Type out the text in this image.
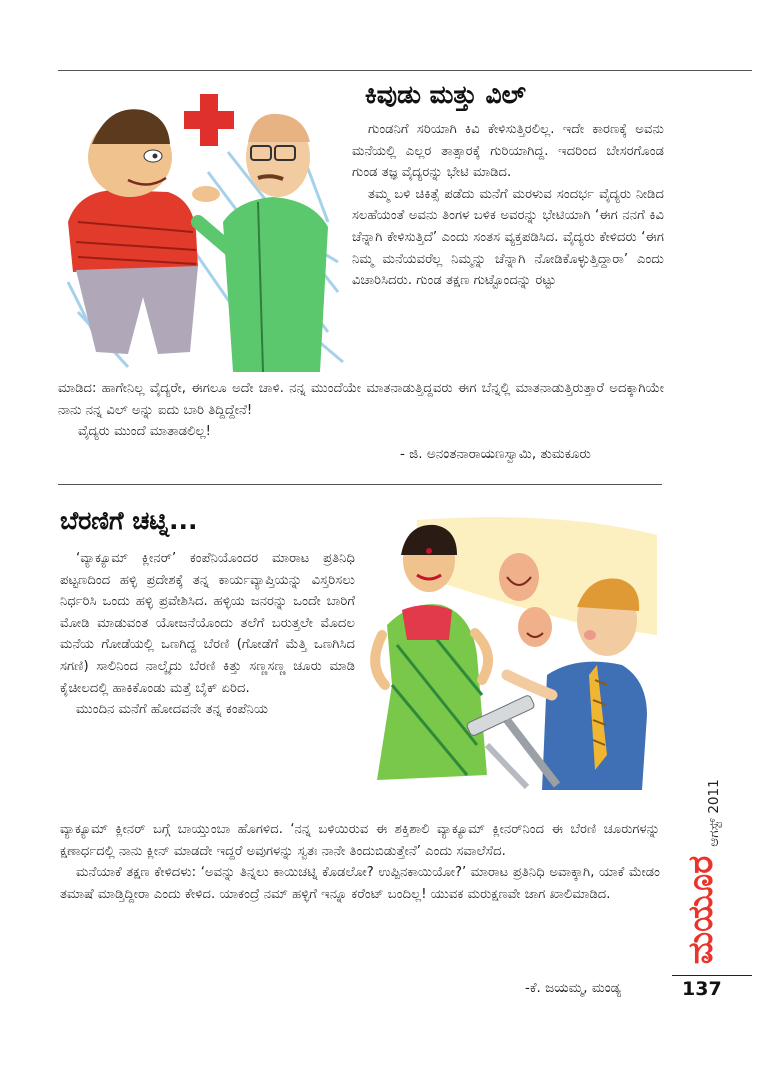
ಕಿವುಡು ಮತ್ತು ವಿಲ್

ಗುಂಡನಿಗೆ ಸರಿಯಾಗಿ ಕಿವಿ ಕೇಳಿಸುತ್ತಿರಲಿಲ್ಲ. ಇದೇ ಕಾರಣಕ್ಕೆ ಅವನು ಮನೆಯಲ್ಲಿ ಎಲ್ಲರ ತಾತ್ಸಾರಕ್ಕೆ ಗುರಿಯಾಗಿದ್ದ. ಇದರಿಂದ ಬೇಸರಗೊಂಡ ಗುಂಡ ತಜ್ಞ ವೈದ್ಯರನ್ನು ಭೇಟಿ ಮಾಡಿದ.

ತಮ್ಮ ಬಳಿ ಚಿಕಿತ್ಸೆ ಪಡೆದು ಮನೆಗೆ ಮರಳುವ ಸಂದರ್ಭ ವೈದ್ಯರು ನೀಡಿದ ಸಲಹೆಯಂತೆ ಅವನು ತಿಂಗಳ ಬಳಿಕ ಅವರನ್ನು ಭೇಟಿಯಾಗಿ ‘ಈಗ ನನಗೆ ಕಿವಿ ಚೆನ್ನಾಗಿ ಕೇಳಿಸುತ್ತಿದೆ’ ಎಂದು ಸಂತಸ ವ್ಯಕ್ತಪಡಿಸಿದ. ವೈದ್ಯರು ಕೇಳಿದರು ‘ಈಗ ನಿಮ್ಮ ಮನೆಯವರೆಲ್ಲ ನಿಮ್ಮನ್ನು ಚೆನ್ನಾಗಿ ನೋಡಿಕೊಳ್ಳುತ್ತಿದ್ದಾರಾ’ ಎಂದು ವಿಚಾರಿಸಿದರು. ಗುಂಡ ತಕ್ಷಣ ಗುಟ್ಟೊಂದನ್ನು ರಟ್ಟು

ಮಾಡಿದ: ಹಾಗೇನಿಲ್ಲ ವೈದ್ಯರೇ, ಈಗಲೂ ಅದೇ ಚಾಳಿ. ನನ್ನ ಮುಂದೆಯೇ ಮಾತನಾಡುತ್ತಿದ್ದವರು ಈಗ ಬೆನ್ನಲ್ಲಿ ಮಾತನಾಡುತ್ತಿರುತ್ತಾರೆ ಅದಕ್ಕಾಗಿಯೇ ನಾನು ನನ್ನ ವಿಲ್ ಅನ್ನು ಐದು ಬಾರಿ ತಿದ್ದಿದ್ದೇನೆ!

ವೈದ್ಯರು ಮುಂದೆ ಮಾತಾಡಲಿಲ್ಲ!

- ಜಿ. ಅನಂತನಾರಾಯಣಸ್ವಾಮಿ, ತುಮಕೂರು
ಬೆರಣಿಗೆ ಚಟ್ನಿ...

‘ವ್ಯಾಕ್ಯೂಮ್ ಕ್ಲೀನರ್’ ಕಂಪೆನಿಯೊಂದರ ಮಾರಾಟ ಪ್ರತಿನಿಧಿ ಪಟ್ಟಣದಿಂದ ಹಳ್ಳಿ ಪ್ರದೇಶಕ್ಕೆ ತನ್ನ ಕಾರ್ಯವ್ಯಾಪ್ತಿಯನ್ನು ವಿಸ್ತರಿಸಲು ನಿರ್ಧರಿಸಿ ಒಂದು ಹಳ್ಳಿ ಪ್ರವೇಶಿಸಿದ. ಹಳ್ಳಿಯ ಜನರನ್ನು ಒಂದೇ ಬಾರಿಗೆ ಮೋಡಿ ಮಾಡುವಂತ ಯೋಜನೆಯೊಂದು ತಲೆಗೆ ಬರುತ್ತಲೇ ಮೊದಲ ಮನೆಯ ಗೋಡೆಯಲ್ಲಿ ಒಣಗಿದ್ದ ಬೆರಣಿ (ಗೋಡೆಗೆ ಮೆತ್ತಿ ಒಣಗಿಸಿದ ಸಗಣಿ) ಸಾಲಿನಿಂದ ನಾಲ್ಕೈದು ಬೆರಣಿ ಕಿತ್ತು ಸಣ್ಣಸಣ್ಣ ಚೂರು ಮಾಡಿ ಕೈಚೀಲದಲ್ಲಿ ಹಾಕಿಕೊಂಡು ಮತ್ತೆ ಬೈಕ್ ಏರಿದ.

ಮುಂದಿನ ಮನೆಗೆ ಹೋದವನೇ ತನ್ನ ಕಂಪೆನಿಯ

ವ್ಯಾಕ್ಯೂಮ್ ಕ್ಲೀನರ್ ಬಗ್ಗೆ ಬಾಯ್ತುಂಬಾ ಹೊಗಳಿದ. ‘ನನ್ನ ಬಳಿಯಿರುವ ಈ ಶಕ್ತಿಶಾಲಿ ವ್ಯಾಕ್ಯೂಮ್ ಕ್ಲೀನರ್‌ನಿಂದ ಈ ಬೆರಣಿ ಚೂರುಗಳನ್ನು ಕ್ಷಣಾರ್ಧದಲ್ಲಿ ನಾನು ಕ್ಲೀನ್ ಮಾಡದೇ ಇದ್ದರೆ ಅವುಗಳನ್ನು ಸ್ವತಃ ನಾನೇ ತಿಂದುಬಿಡುತ್ತೇನೆ’ ಎಂದು ಸವಾಲೆಸೆದ.

ಮನೆಯಾಕೆ ತಕ್ಷಣ ಕೇಳಿದಳು: ‘ಅವನ್ನು ತಿನ್ನಲು ಕಾಯಿಚಟ್ನಿ ಕೊಡಲೋ? ಉಪ್ಪಿನಕಾಯಿಯೋ?’ ಮಾರಾಟ ಪ್ರತಿನಿಧಿ ಅವಾಕ್ಕಾಗಿ, ಯಾಕೆ ಮೇಡಂ ತಮಾಷೆ ಮಾಡ್ತಿದ್ದೀರಾ ಎಂದು ಕೇಳಿದ. ಯಾಕಂದ್ರೆ ನಮ್ ಹಳ್ಳಿಗೆ ಇನ್ನೂ ಕರೆಂಟ್ ಬಂದಿಲ್ಲ! ಯುವಕ ಮರುಕ್ಷಣವೇ ಜಾಗ ಖಾಲಿಮಾಡಿದ.

-ಕೆ. ಜಯಮ್ಮ, ಮಂಡ್ಯ
ಮಯೂರ
ಆಗಸ್ಟ್ 2011
137
